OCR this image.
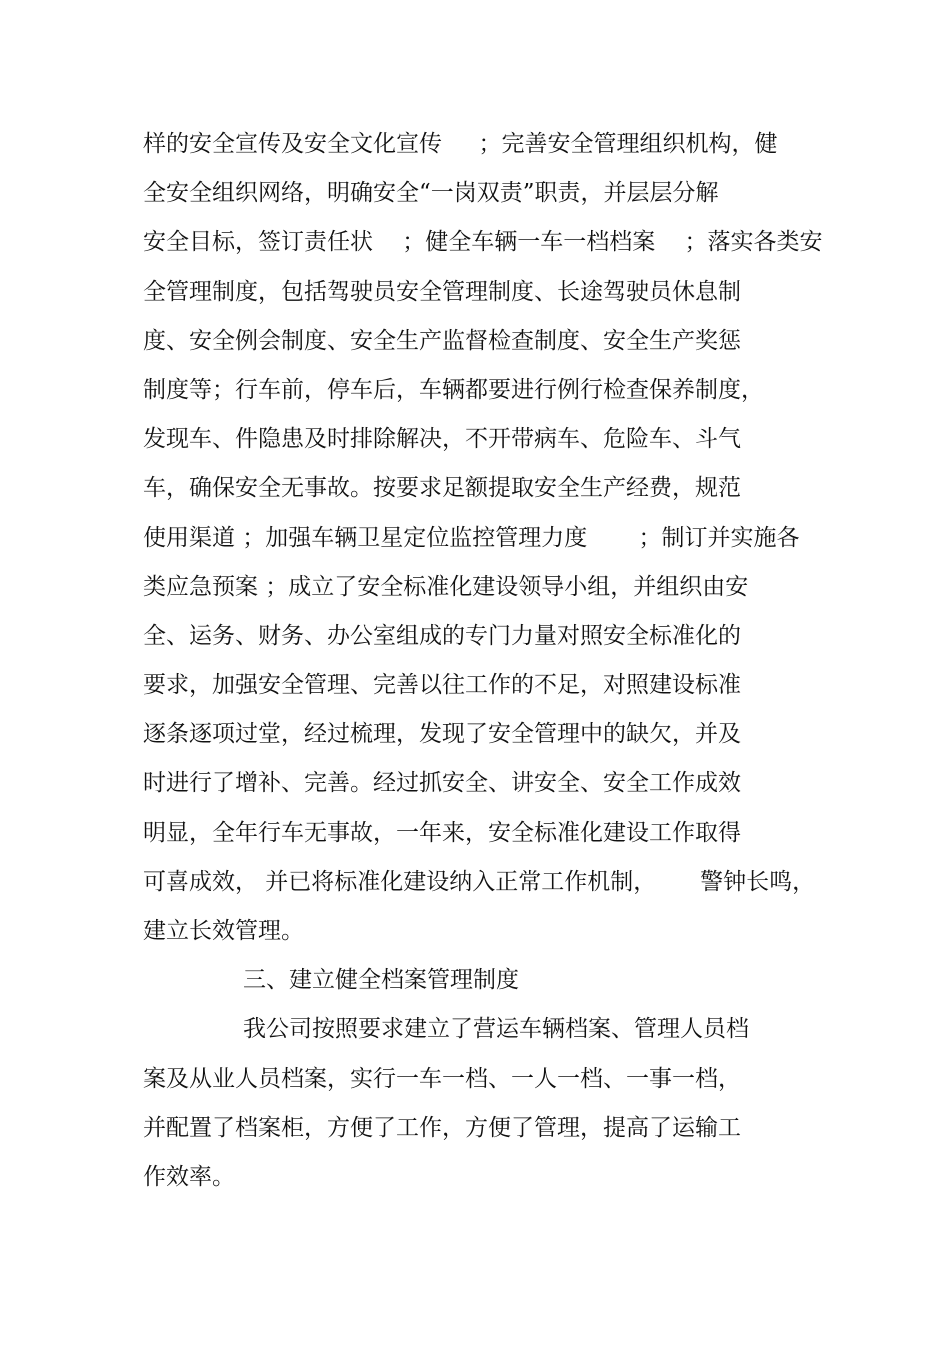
样的安全宣传及安全文化宣传     ；完善安全管理组织机构，健

全安全组织网络，明确安全“一岗双责”职责，并层层分解

安全目标，签订责任状    ；健全车辆一车一档档案    ；落实各类安

全管理制度，包括驾驶员安全管理制度、长途驾驶员休息制

度、安全例会制度、安全生产监督检查制度、安全生产奖惩

制度等；行车前，停车后，车辆都要进行例行检查保养制度，

发现车、件隐患及时排除解决，不开带病车、危险车、斗气

车，确保安全无事故。按要求足额提取安全生产经费，规范

使用渠道 ；加强车辆卫星定位监控管理力度       ；制订并实施各

类应急预案 ；成立了安全标准化建设领导小组，并组织由安

全、运务、财务、办公室组成的专门力量对照安全标准化的

要求，加强安全管理、完善以往工作的不足，对照建设标准

逐条逐项过堂，经过梳理，发现了安全管理中的缺欠，并及

时进行了增补、完善。经过抓安全、讲安全、安全工作成效

明显，全年行车无事故，一年来，安全标准化建设工作取得

可喜成效， 并已将标准化建设纳入正常工作机制，      警钟长鸣，

建立长效管理。

三、建立健全档案管理制度

我公司按照要求建立了营运车辆档案、管理人员档

案及从业人员档案，实行一车一档、一人一档、一事一档，

并配置了档案柜，方便了工作，方便了管理，提高了运输工

作效率。
